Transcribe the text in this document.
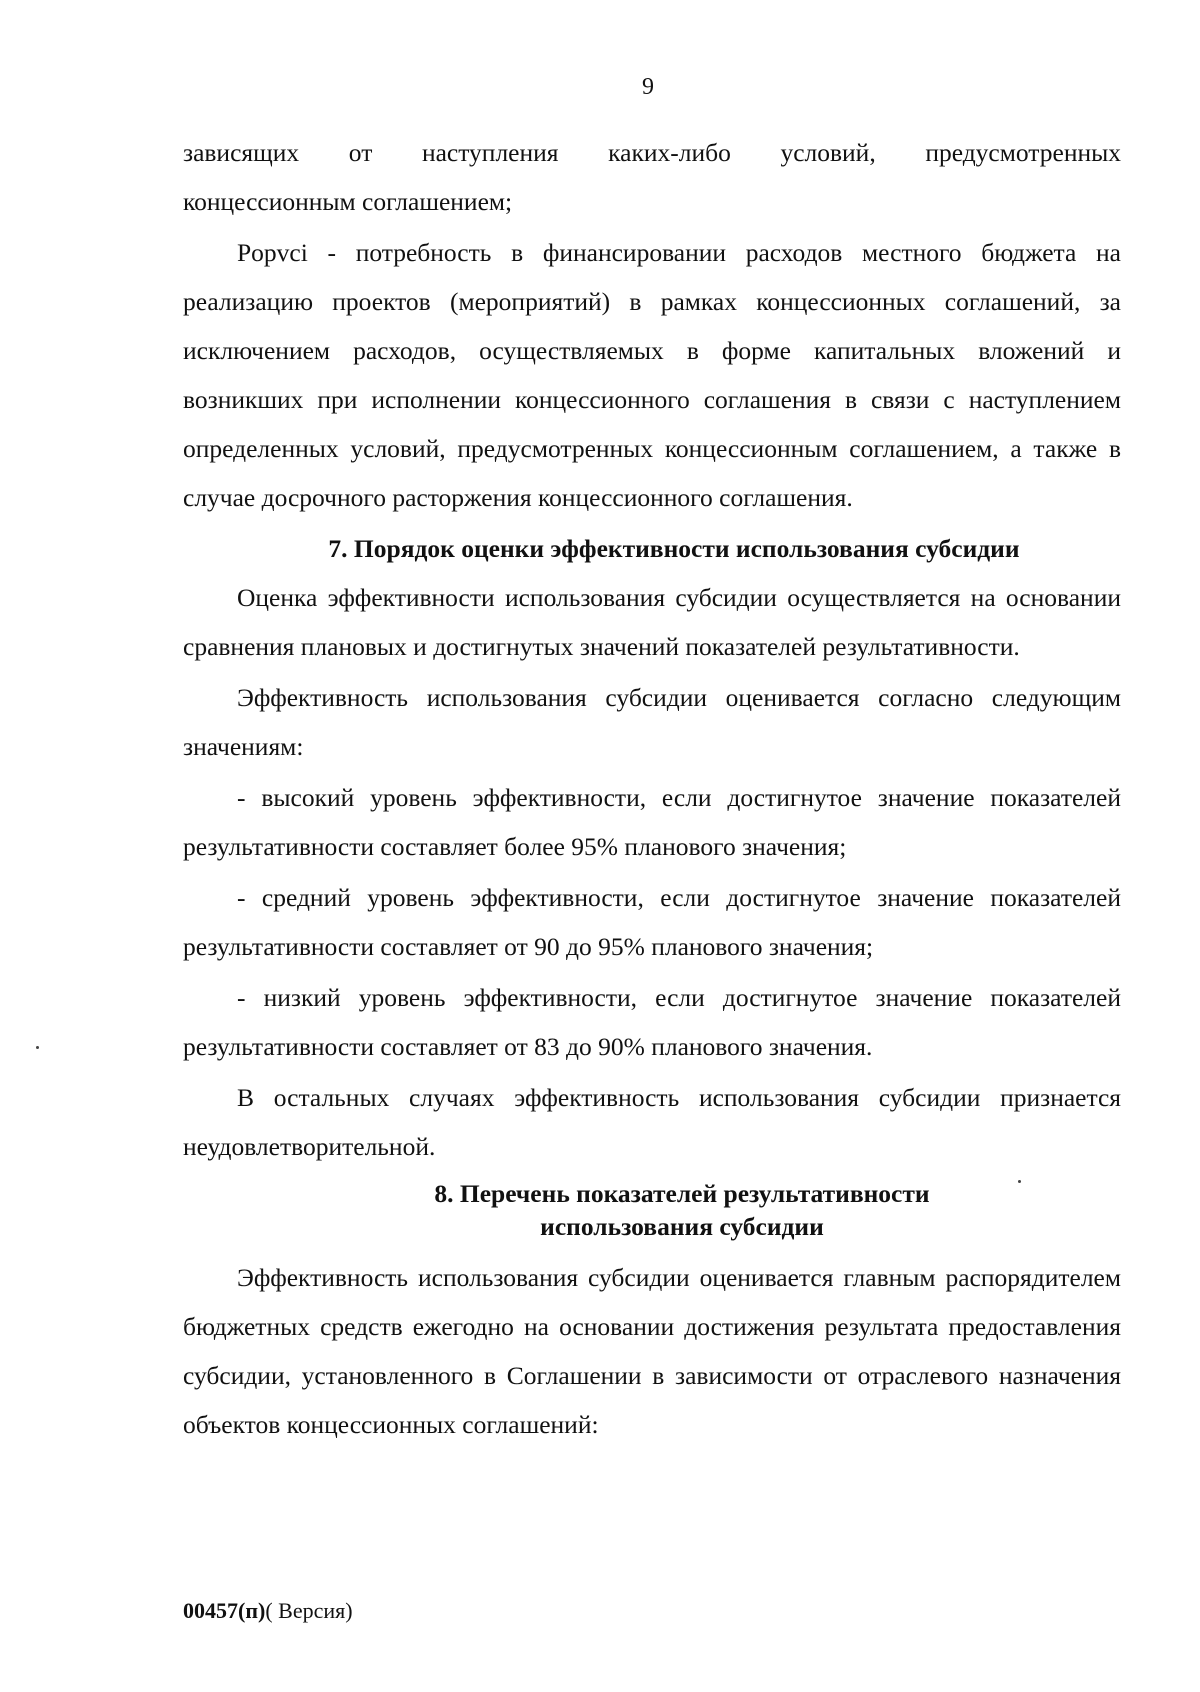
9

зависящих от наступления каких-либо условий, предусмотренных

концессионным соглашением;

Popvci - потребность в финансировании расходов местного бюджета на реализацию проектов (мероприятий) в рамках концессионных соглашений, за исключением расходов, осуществляемых в форме капитальных вложений и возникших при исполнении концессионного соглашения в связи с наступлением определенных условий, предусмотренных концессионным соглашением, а также в случае досрочного расторжения концессионного соглашения.

7. Порядок оценки эффективности использования субсидии

Оценка эффективности использования субсидии осуществляется на основании сравнения плановых и достигнутых значений показателей результативности.

Эффективность использования субсидии оценивается согласно следующим значениям:

- высокий уровень эффективности, если достигнутое значение показателей результативности составляет более 95% планового значения;

- средний уровень эффективности, если достигнутое значение показателей результативности составляет от 90 до 95% планового значения;

- низкий уровень эффективности, если достигнутое значение показателей результативности составляет от 83 до 90% планового значения.

В остальных случаях эффективность использования субсидии признается неудовлетворительной.

8. Перечень показателей результативности
использования субсидии

Эффективность использования субсидии оценивается главным распорядителем бюджетных средств ежегодно на основании достижения результата предоставления субсидии, установленного в Соглашении в зависимости от отраслевого назначения объектов концессионных соглашений:

00457(п)( Версия)
